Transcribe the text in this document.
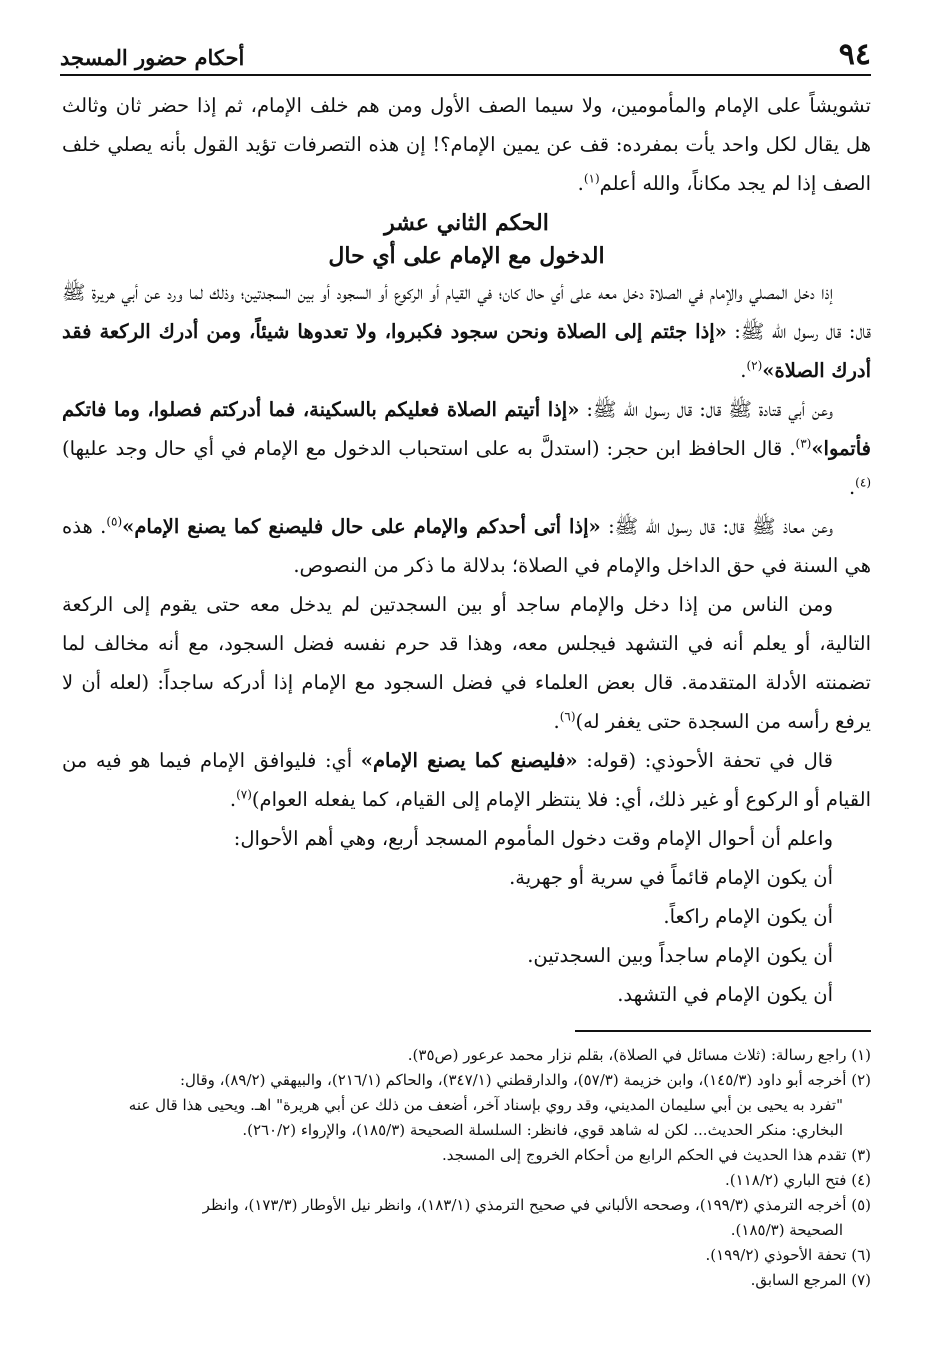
٩٤
أحكام حضور المسجد

تشويشاً على الإمام والمأمومين، ولا سيما الصف الأول ومن هم خلف الإمام، ثم إذا حضر ثان وثالث هل يقال لكل واحد يأت بمفرده: قف عن يمين الإمام؟! إن هذه التصرفات تؤيد القول بأنه يصلي خلف الصف إذا لم يجد مكاناً، والله أعلم$^{(١)}$.

الحكم الثاني عشر
الدخول مع الإمام على أي حال

إذا دخل المصلي والإمام في الصلاة دخل معه على أي حال كان؛ في القيام أو الركوع أو السجود أو بين السجدتين؛ وذلك لما ورد عن أبي هريرة ﷺ قال: قال رسول الله ﷺ: «إذا جئتم إلى الصلاة ونحن سجود فكبروا، ولا تعدوها شيئاً، ومن أدرك الركعة فقد أدرك الصلاة»$^{(٢)}$.

وعن أبي قتادة ﷺ قال: قال رسول الله ﷺ: «إذا أتيتم الصلاة فعليكم بالسكينة، فما أدركتم فصلوا، وما فاتكم فأتموا»$^{(٣)}$. قال الحافظ ابن حجر: (استدلَّ به على استحباب الدخول مع الإمام في أي حال وجد عليها)$^{(٤)}$.

وعن معاذ ﷺ قال: قال رسول الله ﷺ: «إذا أتى أحدكم والإمام على حال فليصنع كما يصنع الإمام»$^{(٥)}$. هذه هي السنة في حق الداخل والإمام في الصلاة؛ بدلالة ما ذكر من النصوص.

ومن الناس من إذا دخل والإمام ساجد أو بين السجدتين لم يدخل معه حتى يقوم إلى الركعة التالية، أو يعلم أنه في التشهد فيجلس معه، وهذا قد حرم نفسه فضل السجود، مع أنه مخالف لما تضمنته الأدلة المتقدمة. قال بعض العلماء في فضل السجود مع الإمام إذا أدركه ساجداً: (لعله أن لا يرفع رأسه من السجدة حتى يغفر له)$^{(٦)}$.

قال في تحفة الأحوذي: (قوله: «فليصنع كما يصنع الإمام» أي: فليوافق الإمام فيما هو فيه من القيام أو الركوع أو غير ذلك، أي: فلا ينتظر الإمام إلى القيام، كما يفعله العوام)$^{(٧)}$.

واعلم أن أحوال الإمام وقت دخول المأموم المسجد أربع، وهي أهم الأحوال:

أن يكون الإمام قائماً في سرية أو جهرية.

أن يكون الإمام راكعاً.

أن يكون الإمام ساجداً وبين السجدتين.

أن يكون الإمام في التشهد.

(١) راجع رسالة: (ثلاث مسائل في الصلاة)، بقلم نزار محمد عرعور (ص٣٥).

(٢) أخرجه أبو داود (١٤٥/٣)، وابن خزيمة (٥٧/٣)، والدارقطني (٣٤٧/١)، والحاكم (٢١٦/١)، والبيهقي (٨٩/٢)، وقال:

"تفرد به يحيى بن أبي سليمان المديني، وقد روي بإسناد آخر، أضعف من ذلك عن أبي هريرة" اهـ. ويحيى هذا قال عنه

البخاري: منكر الحديث... لكن له شاهد قوي، فانظر: السلسلة الصحيحة (١٨٥/٣)، والإرواء (٢٦٠/٢).

(٣) تقدم هذا الحديث في الحكم الرابع من أحكام الخروج إلى المسجد.

(٤) فتح الباري (١١٨/٢).

(٥) أخرجه الترمذي (١٩٩/٣)، وصححه الألباني في صحيح الترمذي (١٨٣/١)، وانظر نيل الأوطار (١٧٣/٣)، وانظر

الصحيحة (١٨٥/٣).

(٦) تحفة الأحوذي (١٩٩/٢).

(٧) المرجع السابق.
